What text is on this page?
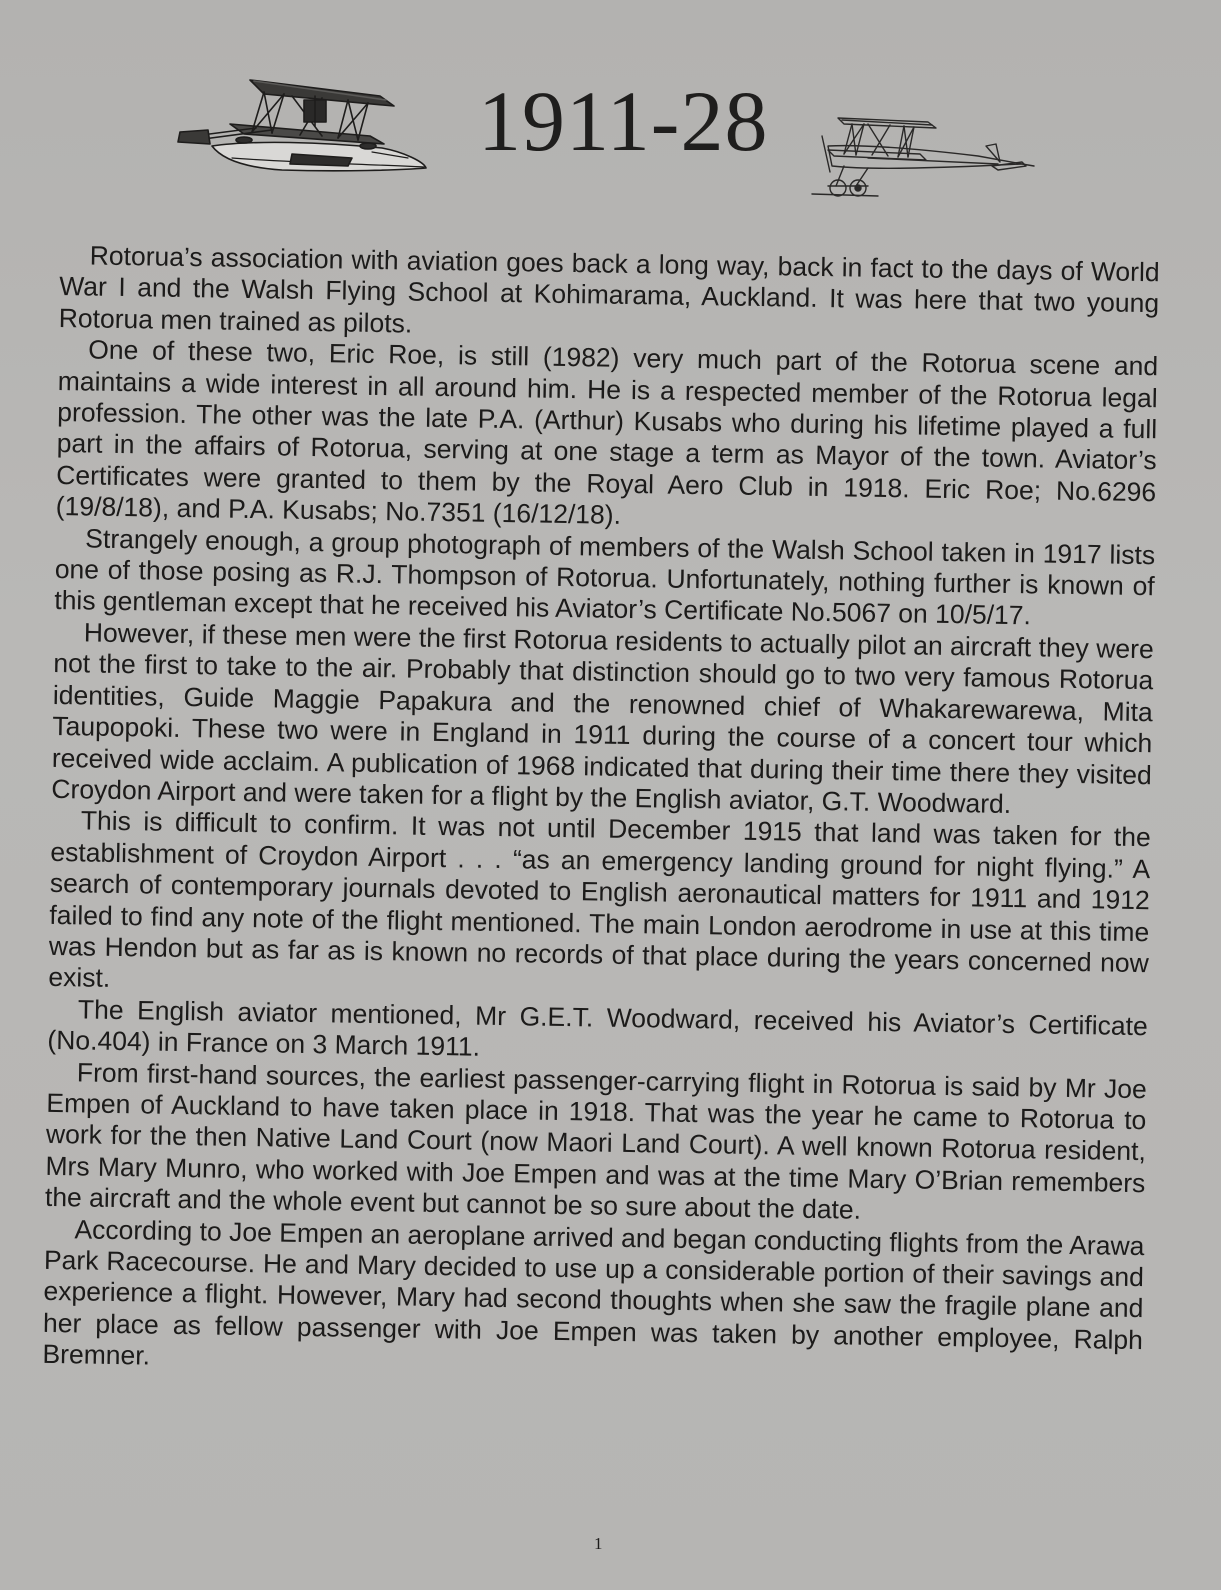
1911-28

Rotorua’s association with aviation goes back a long way, back in fact to the days of World War I and the Walsh Flying School at Kohimarama, Auckland. It was here that two young Rotorua men trained as pilots.

One of these two, Eric Roe, is still (1982) very much part of the Rotorua scene and maintains a wide interest in all around him. He is a respected member of the Rotorua legal profession. The other was the late P.A. (Arthur) Kusabs who during his lifetime played a full part in the affairs of Rotorua, serving at one stage a term as Mayor of the town. Aviator’s Certificates were granted to them by the Royal Aero Club in 1918. Eric Roe; No.6296 (19/8/18), and P.A. Kusabs; No.7351 (16/12/18).

Strangely enough, a group photograph of members of the Walsh School taken in 1917 lists one of those posing as R.J. Thompson of Rotorua. Unfortunately, nothing further is known of this gentleman except that he received his Aviator’s Certificate No.5067 on 10/5/17.

However, if these men were the first Rotorua residents to actually pilot an aircraft they were not the first to take to the air. Probably that distinction should go to two very famous Rotorua identities, Guide Maggie Papakura and the renowned chief of Whakarewarewa, Mita Taupopoki. These two were in England in 1911 during the course of a concert tour which received wide acclaim. A publication of 1968 indicated that during their time there they visited Croydon Airport and were taken for a flight by the English aviator, G.T. Woodward.

This is difficult to confirm. It was not until December 1915 that land was taken for the establishment of Croydon Airport . . . “as an emergency landing ground for night flying.” A search of contemporary journals devoted to English aeronautical matters for 1911 and 1912 failed to find any note of the flight mentioned. The main London aerodrome in use at this time was Hendon but as far as is known no records of that place during the years concerned now exist.

The English aviator mentioned, Mr G.E.T. Woodward, received his Aviator’s Certificate (No.404) in France on 3 March 1911.

From first-hand sources, the earliest passenger-carrying flight in Rotorua is said by Mr Joe Empen of Auckland to have taken place in 1918. That was the year he came to Rotorua to work for the then Native Land Court (now Maori Land Court). A well known Rotorua resident, Mrs Mary Munro, who worked with Joe Empen and was at the time Mary O’Brian remembers the aircraft and the whole event but cannot be so sure about the date.

According to Joe Empen an aeroplane arrived and began conducting flights from the Arawa Park Racecourse. He and Mary decided to use up a considerable portion of their savings and experience a flight. However, Mary had second thoughts when she saw the fragile plane and her place as fellow passenger with Joe Empen was taken by another employee, Ralph Bremner.

1
